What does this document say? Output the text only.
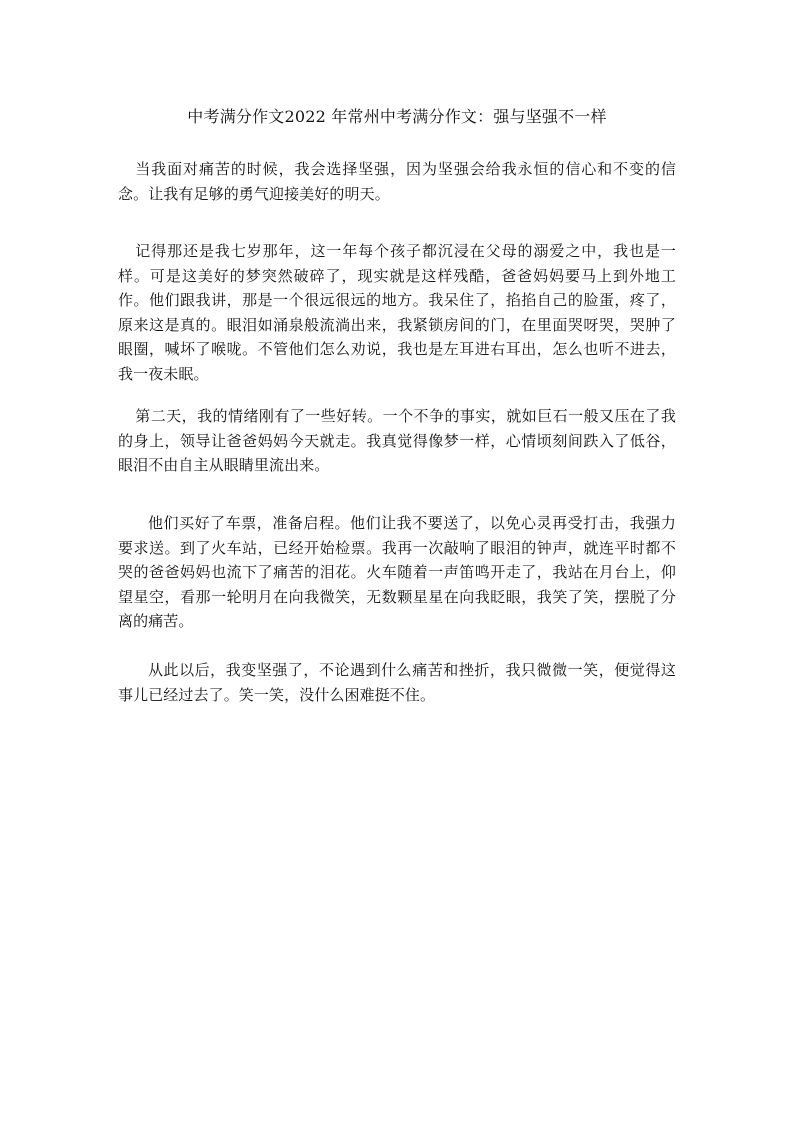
中考满分作文2022 年常州中考满分作文：强与坚强不一样
当我面对痛苦的时候，我会选择坚强，因为坚强会给我永恒的信心和不变的信念。让我有足够的勇气迎接美好的明天。
记得那还是我七岁那年，这一年每个孩子都沉浸在父母的溺爱之中，我也是一样。可是这美好的梦突然破碎了，现实就是这样残酷，爸爸妈妈要马上到外地工作。他们跟我讲，那是一个很远很远的地方。我呆住了，掐掐自己的脸蛋，疼了，原来这是真的。眼泪如涌泉般流淌出来，我紧锁房间的门，在里面哭呀哭，哭肿了眼圈，喊坏了喉咙。不管他们怎么劝说，我也是左耳进右耳出，怎么也听不进去，我一夜未眠。
第二天，我的情绪刚有了一些好转。一个不争的事实，就如巨石一般又压在了我的身上，领导让爸爸妈妈今天就走。我真觉得像梦一样，心情顷刻间跌入了低谷，眼泪不由自主从眼睛里流出来。
他们买好了车票，准备启程。他们让我不要送了，以免心灵再受打击，我强力要求送。到了火车站，已经开始检票。我再一次敲响了眼泪的钟声，就连平时都不哭的爸爸妈妈也流下了痛苦的泪花。火车随着一声笛鸣开走了，我站在月台上，仰望星空，看那一轮明月在向我微笑，无数颗星星在向我眨眼，我笑了笑，摆脱了分离的痛苦。
从此以后，我变坚强了，不论遇到什么痛苦和挫折，我只微微一笑，便觉得这事儿已经过去了。笑一笑，没什么困难挺不住。
